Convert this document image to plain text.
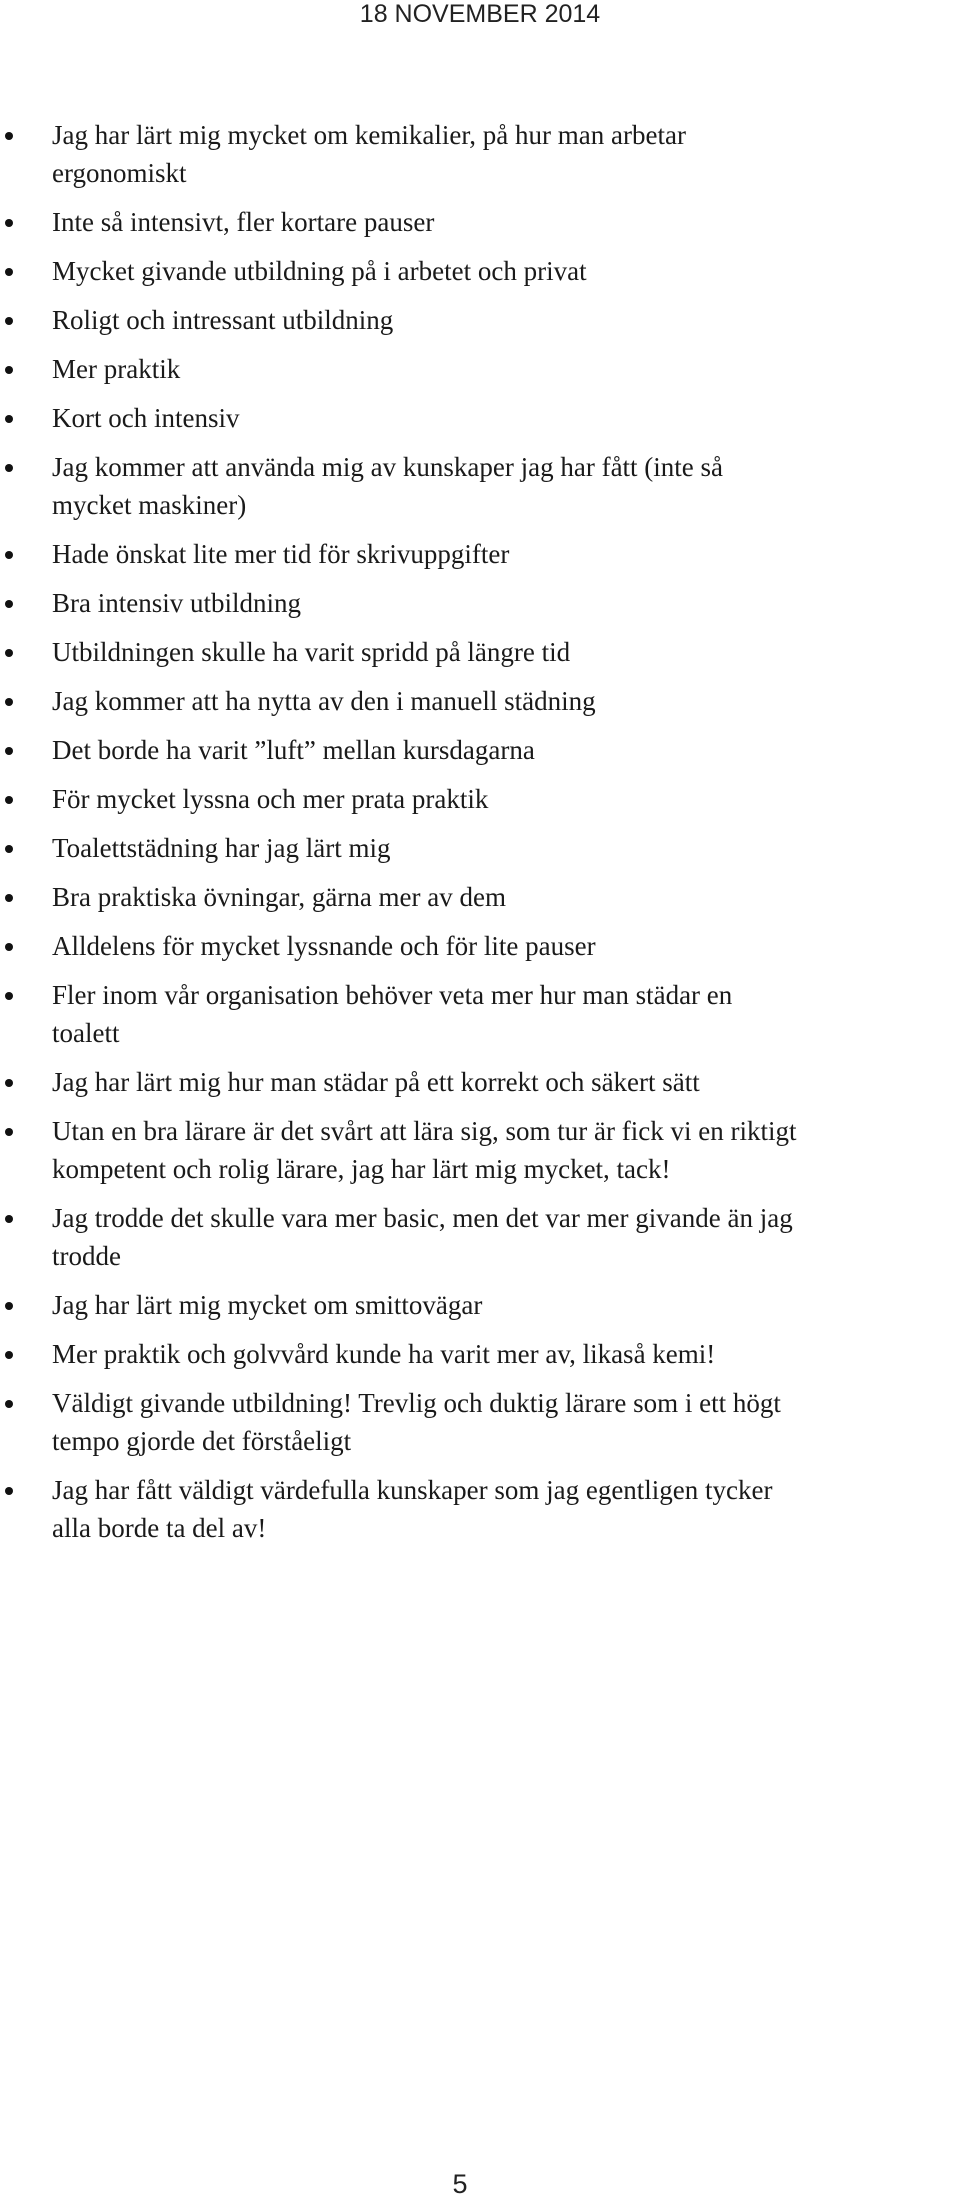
18 NOVEMBER 2014
Jag har lärt mig mycket om kemikalier, på hur man arbetar
ergonomiskt
Inte så intensivt, fler kortare pauser
Mycket givande utbildning på i arbetet och privat
Roligt och intressant utbildning
Mer praktik
Kort och intensiv
Jag kommer att använda mig av kunskaper jag har fått (inte så
mycket maskiner)
Hade önskat lite mer tid för skrivuppgifter
Bra intensiv utbildning
Utbildningen skulle ha varit spridd på längre tid
Jag kommer att ha nytta av den i manuell städning
Det borde ha varit ”luft” mellan kursdagarna
För mycket lyssna och mer prata praktik
Toalettstädning har jag lärt mig
Bra praktiska övningar, gärna mer av dem
Alldelens för mycket lyssnande och för lite pauser
Fler inom vår organisation behöver veta mer hur man städar en
toalett
Jag har lärt mig hur man städar på ett korrekt och säkert sätt
Utan en bra lärare är det svårt att lära sig, som tur är fick vi en riktigt
kompetent och rolig lärare, jag har lärt mig mycket, tack!
Jag trodde det skulle vara mer basic, men det var mer givande än jag
trodde
Jag har lärt mig mycket om smittovägar
Mer praktik och golvvård kunde ha varit mer av, likaså kemi!
Väldigt givande utbildning! Trevlig och duktig lärare som i ett högt
tempo gjorde det förståeligt
Jag har fått väldigt värdefulla kunskaper som jag egentligen tycker
alla borde ta del av!
5
